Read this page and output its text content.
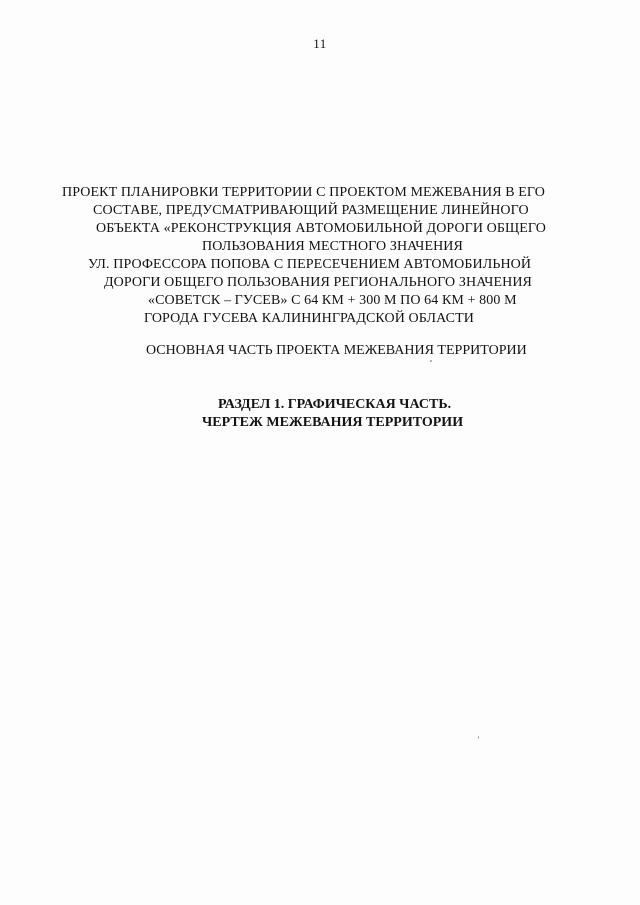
11
ПРОЕКТ ПЛАНИРОВКИ ТЕРРИТОРИИ С ПРОЕКТОМ МЕЖЕВАНИЯ В ЕГО
СОСТАВЕ, ПРЕДУСМАТРИВАЮЩИЙ РАЗМЕЩЕНИЕ ЛИНЕЙНОГО
ОБЪЕКТА «РЕКОНСТРУКЦИЯ АВТОМОБИЛЬНОЙ ДОРОГИ ОБЩЕГО
ПОЛЬЗОВАНИЯ МЕСТНОГО ЗНАЧЕНИЯ
УЛ. ПРОФЕССОРА ПОПОВА С ПЕРЕСЕЧЕНИЕМ АВТОМОБИЛЬНОЙ
ДОРОГИ ОБЩЕГО ПОЛЬЗОВАНИЯ РЕГИОНАЛЬНОГО ЗНАЧЕНИЯ
«СОВЕТСК – ГУСЕВ» С 64 КМ + 300 М ПО 64 КМ + 800 М
ГОРОДА ГУСЕВА КАЛИНИНГРАДСКОЙ ОБЛАСТИ
ОСНОВНАЯ ЧАСТЬ ПРОЕКТА МЕЖЕВАНИЯ ТЕРРИТОРИИ
РАЗДЕЛ 1. ГРАФИЧЕСКАЯ ЧАСТЬ.
ЧЕРТЕЖ МЕЖЕВАНИЯ ТЕРРИТОРИИ
